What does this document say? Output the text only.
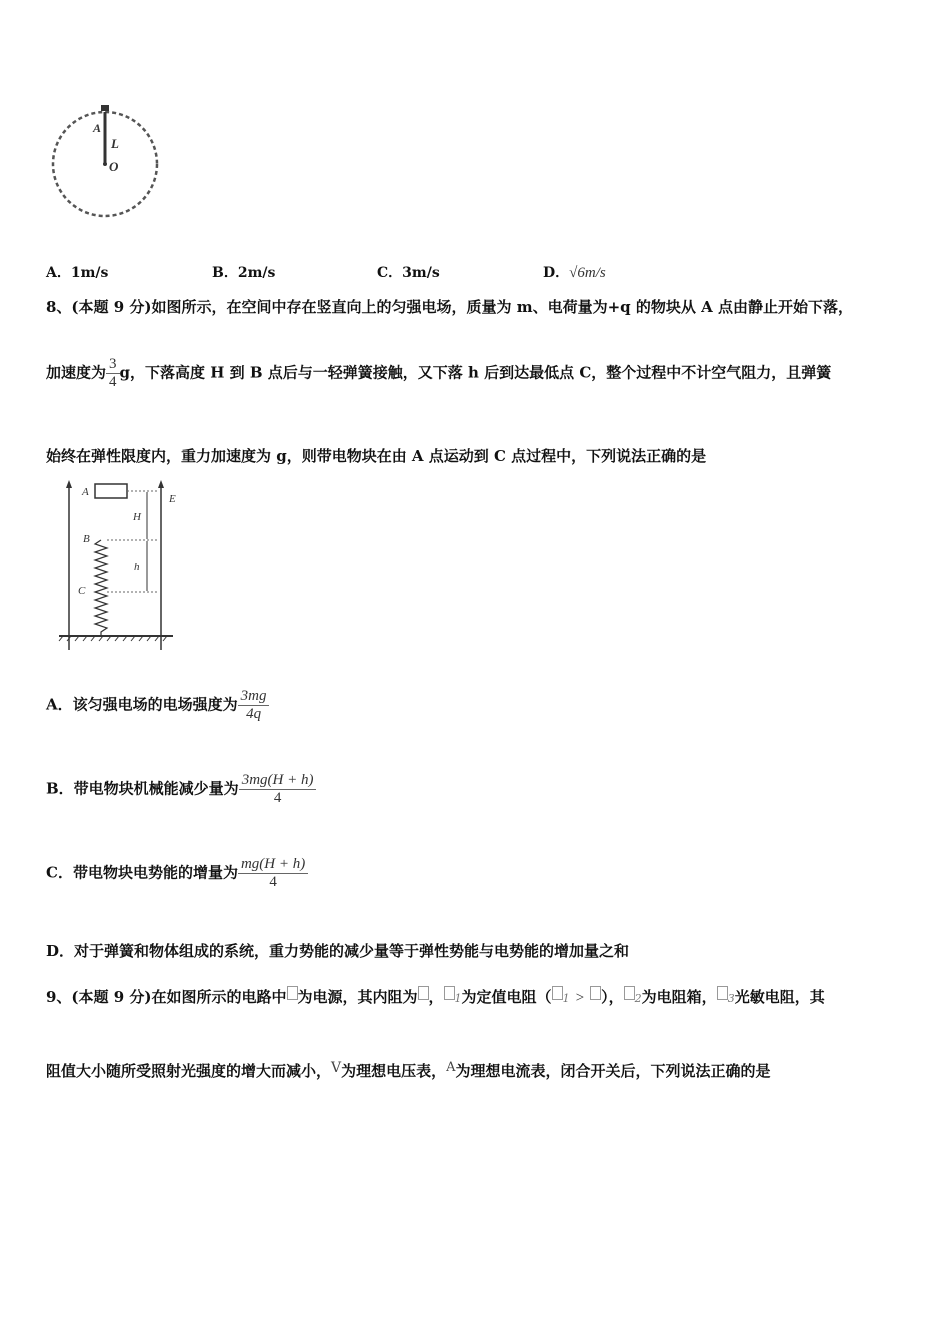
A
L
O
A．1m/s	B．2m/s	C．3m/s	D．√6m/s
8、(本题 9 分)如图所示，在空间中存在竖直向上的匀强电场，质量为 m、电荷量为+q 的物块从 A 点由静止开始下落，
加速度为 $\frac{3}{4}$ g，下落高度 H 到 B 点后与一轻弹簧接触，又下落 h 后到达最低点 C，整个过程中不计空气阻力，且弹簧
始终在弹性限度内，重力加速度为 g，则带电物块在由 A 点运动到 C 点过程中，下列说法正确的是
A
E
H
h
B
C
A．该匀强电场的电场强度为 $\frac{3mg}{4q}$
B．带电物块机械能减少量为 $\frac{3mg(H + h)}{4}$
C．带电物块电势能的增量为 $\frac{mg(H + h)}{4}$
D．对于弹簧和物体组成的系统，重力势能的减少量等于弹性势能与电势能的增加量之和
9、(本题 9 分)在如图所示的电路中 为电源，其内阻为 ， 1为定值电阻（ 1 > ）， 2为电阻箱， 3光敏电阻，其
阻值大小随所受照射光强度的增大而减小，V为理想电压表，A为理想电流表，闭合开关后，下列说法正确的是
